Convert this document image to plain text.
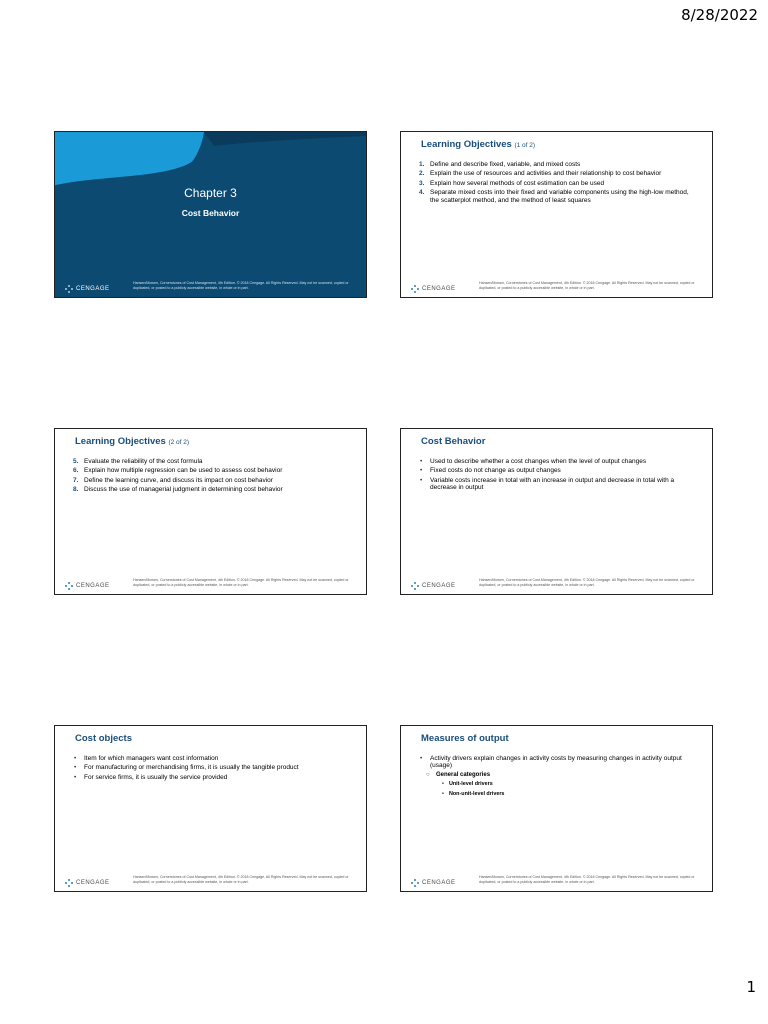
8/28/2022
Chapter 3
Cost Behavior
CENGAGE
Hansen/Mowen, Cornerstones of Cost Management, 4th Edition. © 2018 Cengage. All Rights Reserved. May not be scanned, copied or duplicated, or posted to a publicly accessible website, in whole or in part.
Learning Objectives (1 of 2)
1. Define and describe fixed, variable, and mixed costs
2. Explain the use of resources and activities and their relationship to cost behavior
3. Explain how several methods of cost estimation can be used
4. Separate mixed costs into their fixed and variable components using the high-low method, the scatterplot method, and the method of least squares
CENGAGE
Hansen/Mowen, Cornerstones of Cost Management, 4th Edition. © 2018 Cengage. All Rights Reserved. May not be scanned, copied or duplicated, or posted to a publicly accessible website, in whole or in part.
Learning Objectives (2 of 2)
5. Evaluate the reliability of the cost formula
6. Explain how multiple regression can be used to assess cost behavior
7. Define the learning curve, and discuss its impact on cost behavior
8. Discuss the use of managerial judgment in determining cost behavior
CENGAGE
Hansen/Mowen, Cornerstones of Cost Management, 4th Edition. © 2018 Cengage. All Rights Reserved. May not be scanned, copied or duplicated, or posted to a publicly accessible website, in whole or in part.
Cost Behavior
• Used to describe whether a cost changes when the level of output changes
• Fixed costs do not change as output changes
• Variable costs increase in total with an increase in output and decrease in total with a decrease in output
CENGAGE
Hansen/Mowen, Cornerstones of Cost Management, 4th Edition. © 2018 Cengage. All Rights Reserved. May not be scanned, copied or duplicated, or posted to a publicly accessible website, in whole or in part.
Cost objects
• Item for which managers want cost information
• For manufacturing or merchandising firms, it is usually the tangible product
• For service firms, it is usually the service provided
CENGAGE
Hansen/Mowen, Cornerstones of Cost Management, 4th Edition. © 2018 Cengage. All Rights Reserved. May not be scanned, copied or duplicated, or posted to a publicly accessible website, in whole or in part.
Measures of output
• Activity drivers explain changes in activity costs by measuring changes in activity output (usage)
○ General categories
• Unit-level drivers
• Non-unit-level drivers
CENGAGE
Hansen/Mowen, Cornerstones of Cost Management, 4th Edition. © 2018 Cengage. All Rights Reserved. May not be scanned, copied or duplicated, or posted to a publicly accessible website, in whole or in part.
1
